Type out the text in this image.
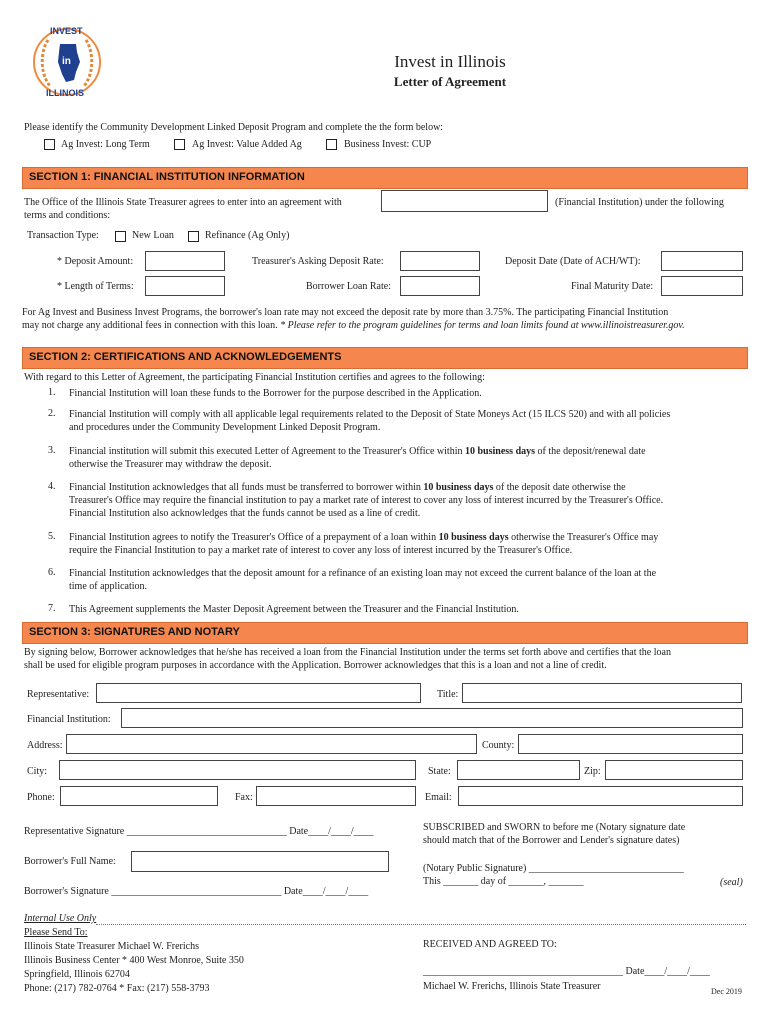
INVEST
in
ILLINOIS
Invest in Illinois
Letter of Agreement
Please identify the Community Development Linked Deposit Program and complete the the form below:
Ag Invest: Long Term	Ag Invest: Value Added Ag	Business Invest: CUP
SECTION 1: FINANCIAL INSTITUTION INFORMATION
The Office of the Illinois State Treasurer agrees to enter into an agreement with	(Financial Institution) under the following
terms and conditions:
Transaction Type:	New Loan	Refinance (Ag Only)
* Deposit Amount:	Treasurer's Asking Deposit Rate:	Deposit Date (Date of ACH/WT):
* Length of Terms:	Borrower Loan Rate:	Final Maturity Date:
For Ag Invest and Business Invest Programs, the borrower's loan rate may not exceed the deposit rate by more than 3.75%. The participating Financial Institution
may not charge any additional fees in connection with this loan. * Please refer to the program guidelines for terms and loan limits found at www.illinoistreasurer.gov.
SECTION 2: CERTIFICATIONS AND ACKNOWLEDGEMENTS
With regard to this Letter of Agreement, the participating Financial Institution certifies and agrees to the following:
1. Financial Institution will loan these funds to the Borrower for the purpose described in the Application.
2. Financial Institution will comply with all applicable legal requirements related to the Deposit of State Moneys Act (15 ILCS 520) and with all policies
and procedures under the Community Development Linked Deposit Program.
3. Financial institution will submit this executed Letter of Agreement to the Treasurer's Office within 10 business days of the deposit/renewal date
otherwise the Treasurer may withdraw the deposit.
4. Financial Institution acknowledges that all funds must be transferred to borrower within 10 business days of the deposit date otherwise the
Treasurer's Office may require the financial institution to pay a market rate of interest to cover any loss of interest incurred by the Treasurer's Office.
Financial Institution also acknowledges that the funds cannot be used as a line of credit.
5. Financial Institution agrees to notify the Treasurer's Office of a prepayment of a loan within 10 business days otherwise the Treasurer's Office may
require the Financial Institution to pay a market rate of interest to cover any loss of interest incurred by the Treasurer's Office.
6. Financial Institution acknowledges that the deposit amount for a refinance of an existing loan may not exceed the current balance of the loan at the
time of application.
7. This Agreement supplements the Master Deposit Agreement between the Treasurer and the Financial Institution.
SECTION 3: SIGNATURES AND NOTARY
By signing below, Borrower acknowledges that he/she has received a loan from the Financial Institution under the terms set forth above and certifies that the loan
shall be used for eligible program purposes in accordance with the Application. Borrower acknowledges that this is a loan and not a line of credit.
Representative:	Title:
Financial Institution:
Address:	County:
City:	State:	Zip:
Phone:	Fax:	Email:
Representative Signature ________________________________ Date____/____/____	SUBSCRIBED and SWORN to before me (Notary signature date
should match that of the Borrower and Lender's signature dates)
Borrower's Full Name:
(Notary Public Signature) _______________________________
This _______ day of _______, _______	(seal)
Borrower's Signature __________________________________ Date____/____/____
Internal Use Only
Please Send To:
Illinois State Treasurer Michael W. Frerichs
Illinois Business Center * 400 West Monroe, Suite 350
Springfield, Illinois 62704
Phone: (217) 782-0764 * Fax: (217) 558-3793
RECEIVED AND AGREED TO:
________________________________________ Date____/____/____
Michael W. Frerichs, Illinois State Treasurer	Dec 2019
